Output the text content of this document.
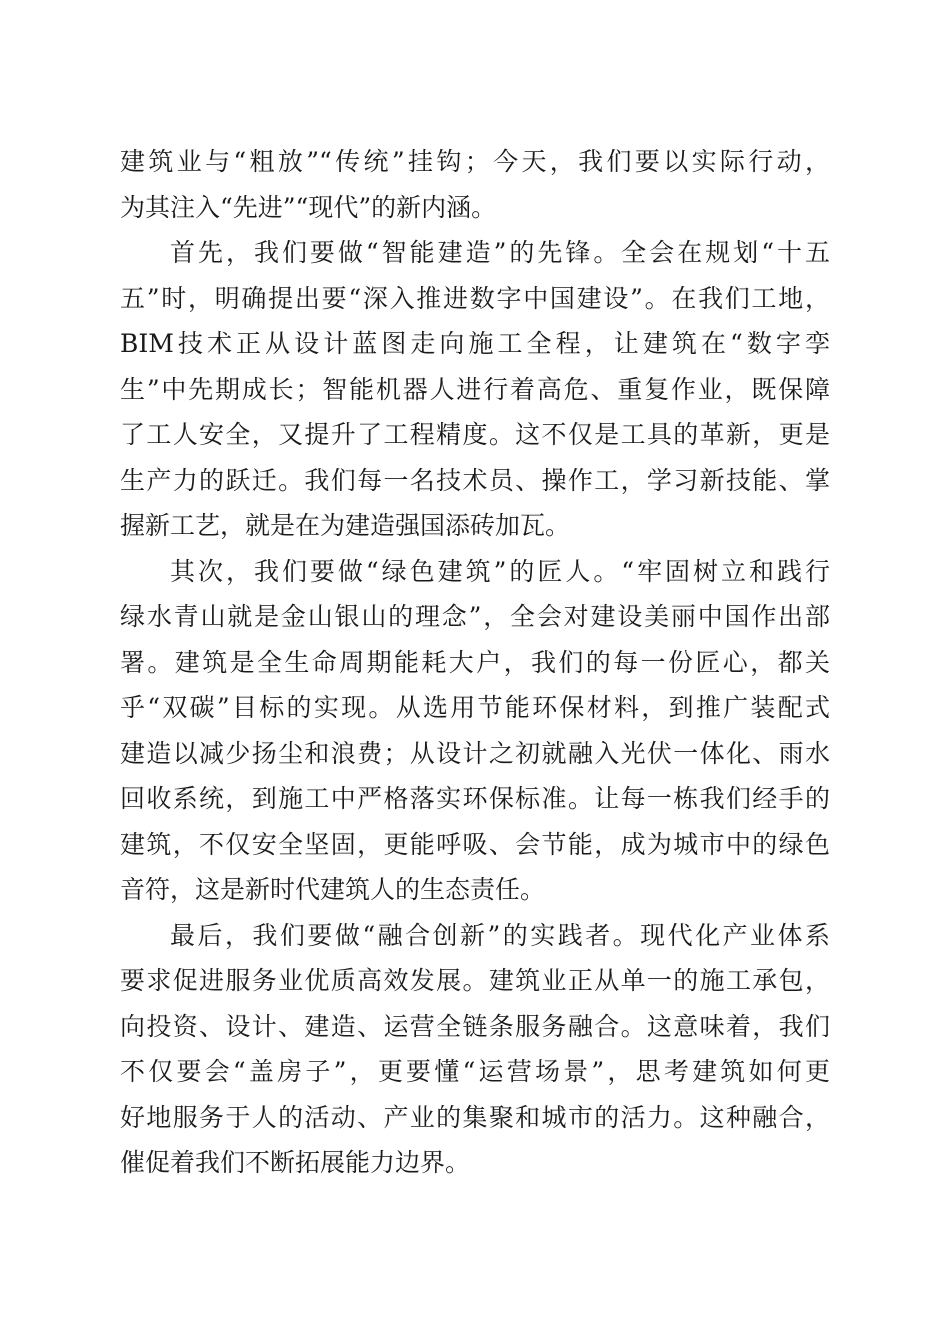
建筑业与“粗放”“传统”挂钩；今天，我们要以实际行动，
为其注入“先进”“现代”的新内涵。
首先，我们要做“智能建造”的先锋。全会在规划“十五
五”时，明确提出要“深入推进数字中国建设”。在我们工地，
BIM技术正从设计蓝图走向施工全程，让建筑在“数字孪
生”中先期成长；智能机器人进行着高危、重复作业，既保障
了工人安全，又提升了工程精度。这不仅是工具的革新，更是
生产力的跃迁。我们每一名技术员、操作工，学习新技能、掌
握新工艺，就是在为建造强国添砖加瓦。
其次，我们要做“绿色建筑”的匠人。“牢固树立和践行
绿水青山就是金山银山的理念”，全会对建设美丽中国作出部
署。建筑是全生命周期能耗大户，我们的每一份匠心，都关
乎“双碳”目标的实现。从选用节能环保材料，到推广装配式
建造以减少扬尘和浪费；从设计之初就融入光伏一体化、雨水
回收系统，到施工中严格落实环保标准。让每一栋我们经手的
建筑，不仅安全坚固，更能呼吸、会节能，成为城市中的绿色
音符，这是新时代建筑人的生态责任。
最后，我们要做“融合创新”的实践者。现代化产业体系
要求促进服务业优质高效发展。建筑业正从单一的施工承包，
向投资、设计、建造、运营全链条服务融合。这意味着，我们
不仅要会“盖房子”，更要懂“运营场景”，思考建筑如何更
好地服务于人的活动、产业的集聚和城市的活力。这种融合，
催促着我们不断拓展能力边界。
